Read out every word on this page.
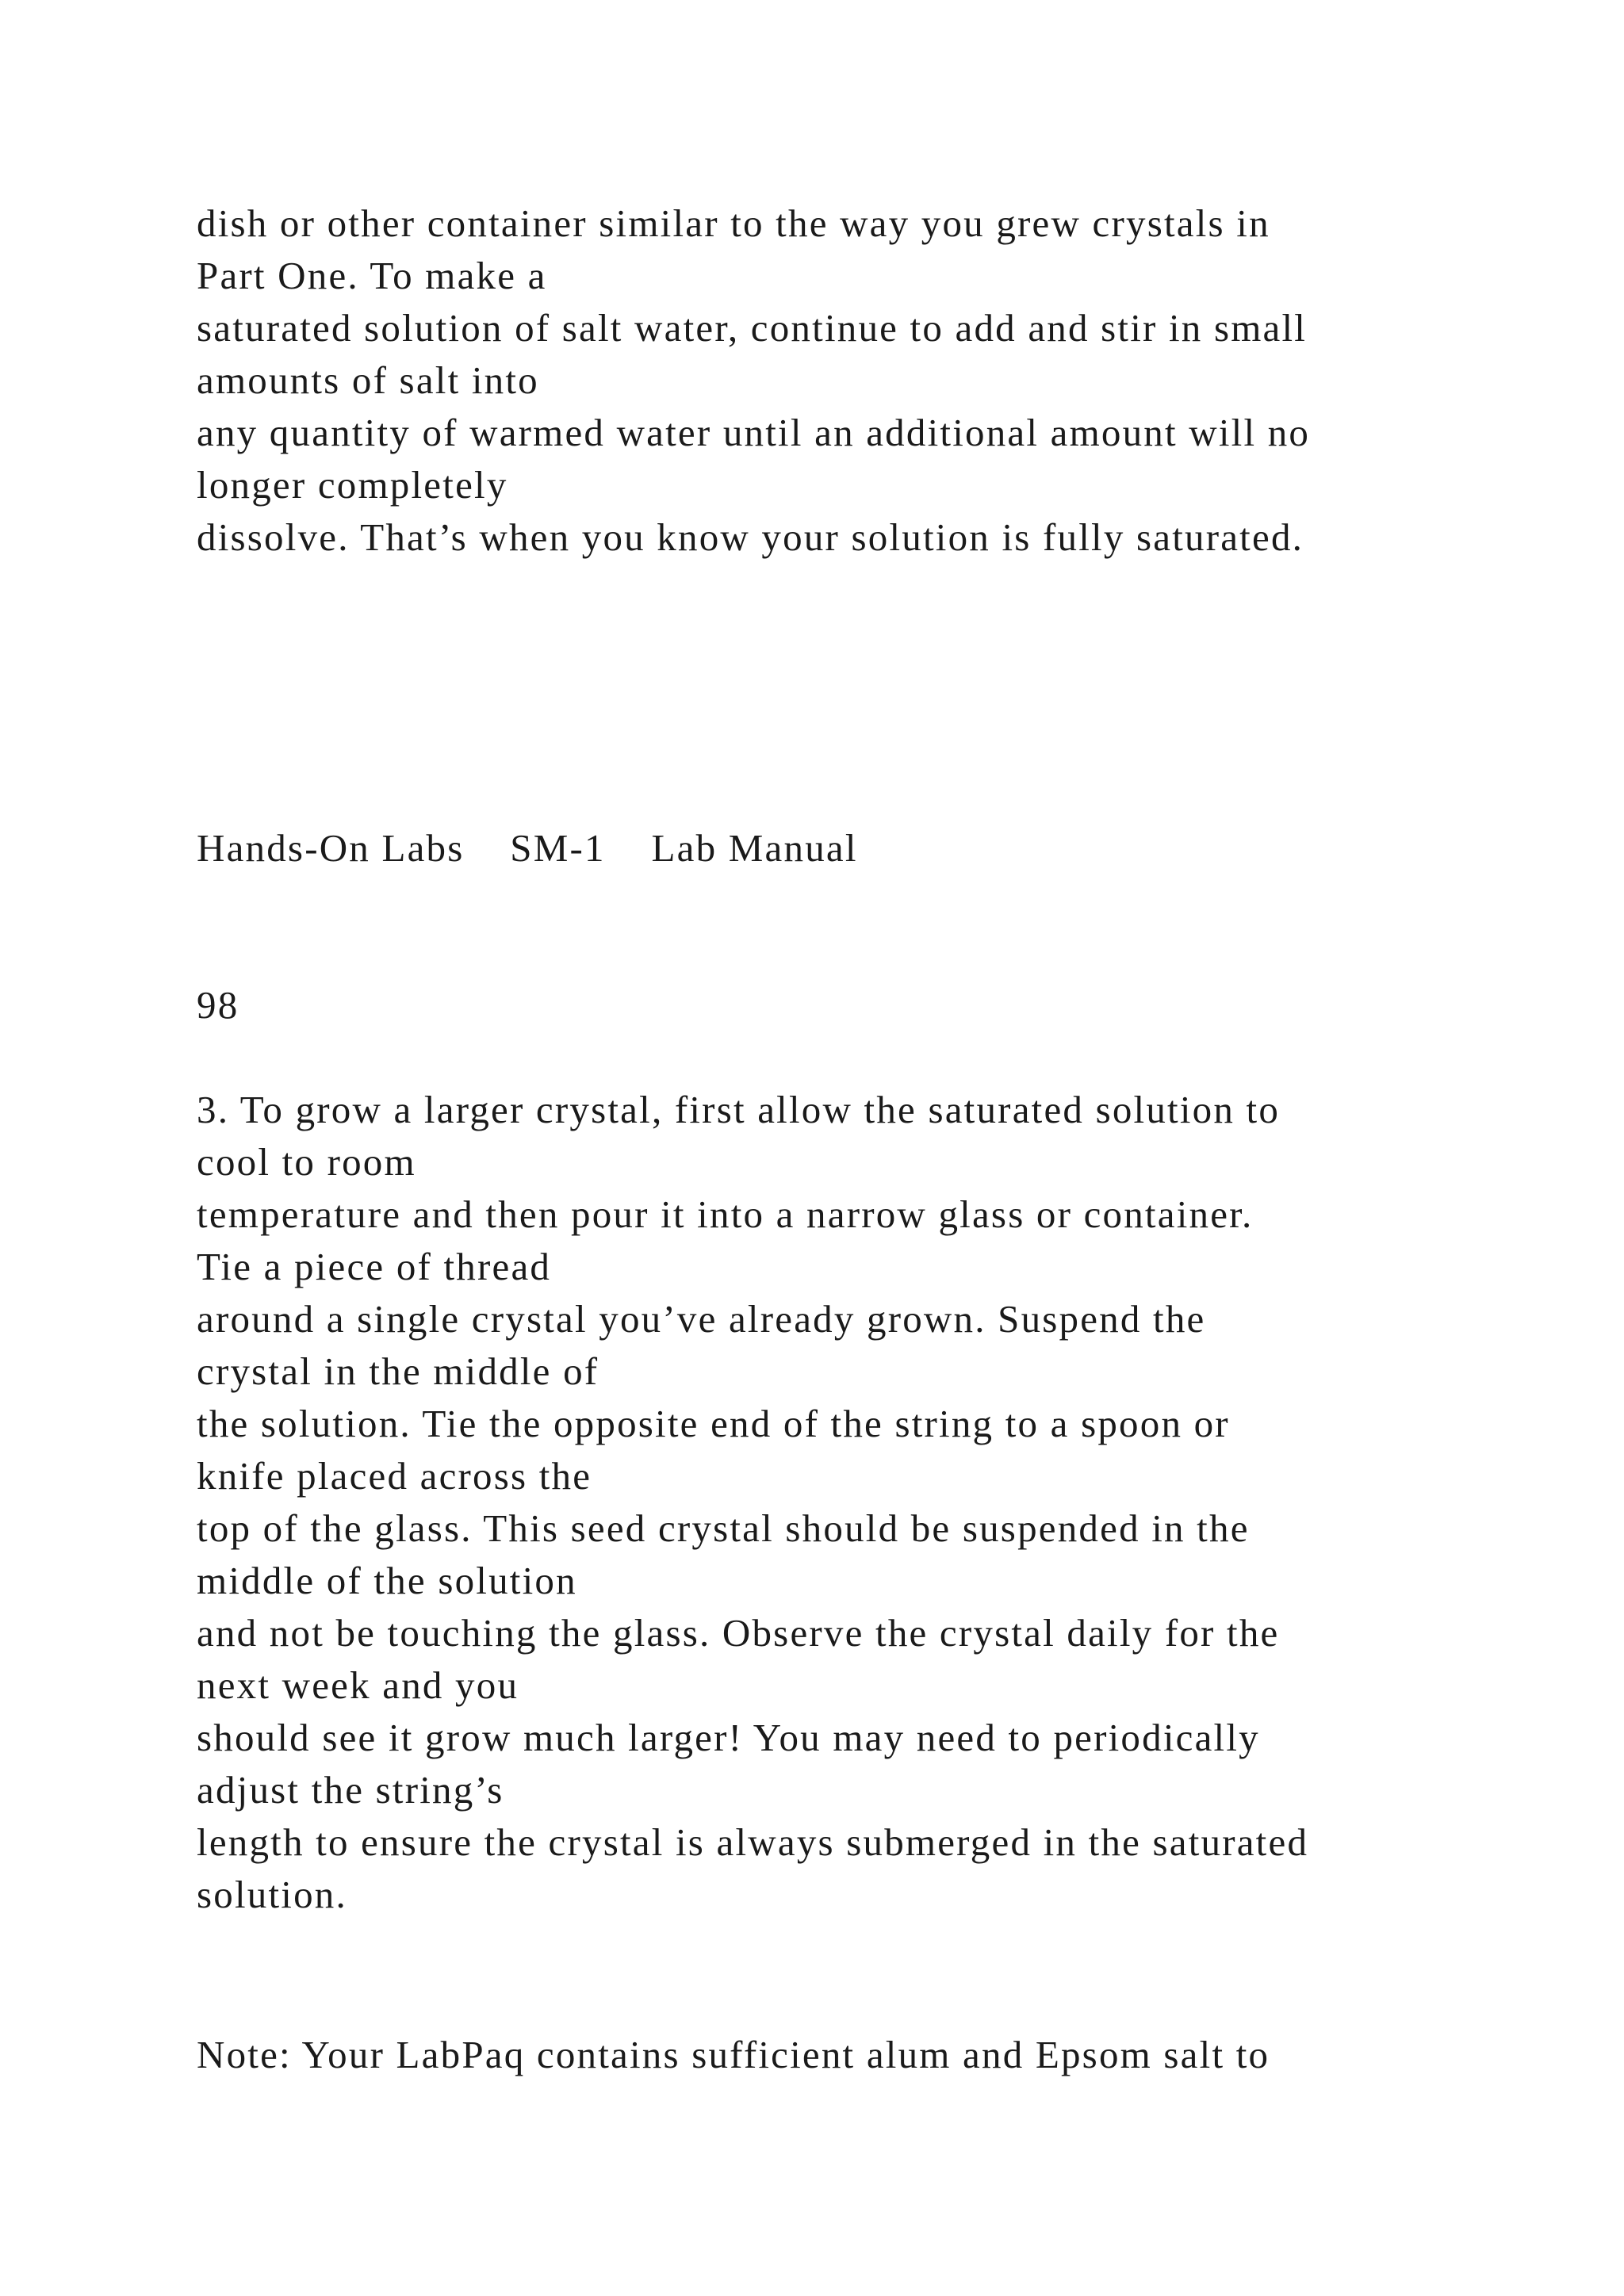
dish or other container similar to the way you grew crystals in

Part One. To make a

saturated solution of salt water, continue to add and stir in small

amounts of salt into

any quantity of warmed water until an additional amount will no

longer completely

dissolve. That’s when you know your solution is fully saturated.

Hands-On Labs    SM-1    Lab Manual

98

3. To grow a larger crystal, first allow the saturated solution to

cool to room

temperature and then pour it into a narrow glass or container.

Tie a piece of thread

around a single crystal you’ve already grown. Suspend the

crystal in the middle of

the solution. Tie the opposite end of the string to a spoon or

knife placed across the

top of the glass. This seed crystal should be suspended in the

middle of the solution

and not be touching the glass. Observe the crystal daily for the

next week and you

should see it grow much larger! You may need to periodically

adjust the string’s

length to ensure the crystal is always submerged in the saturated

solution.

Note: Your LabPaq contains sufficient alum and Epsom salt to
